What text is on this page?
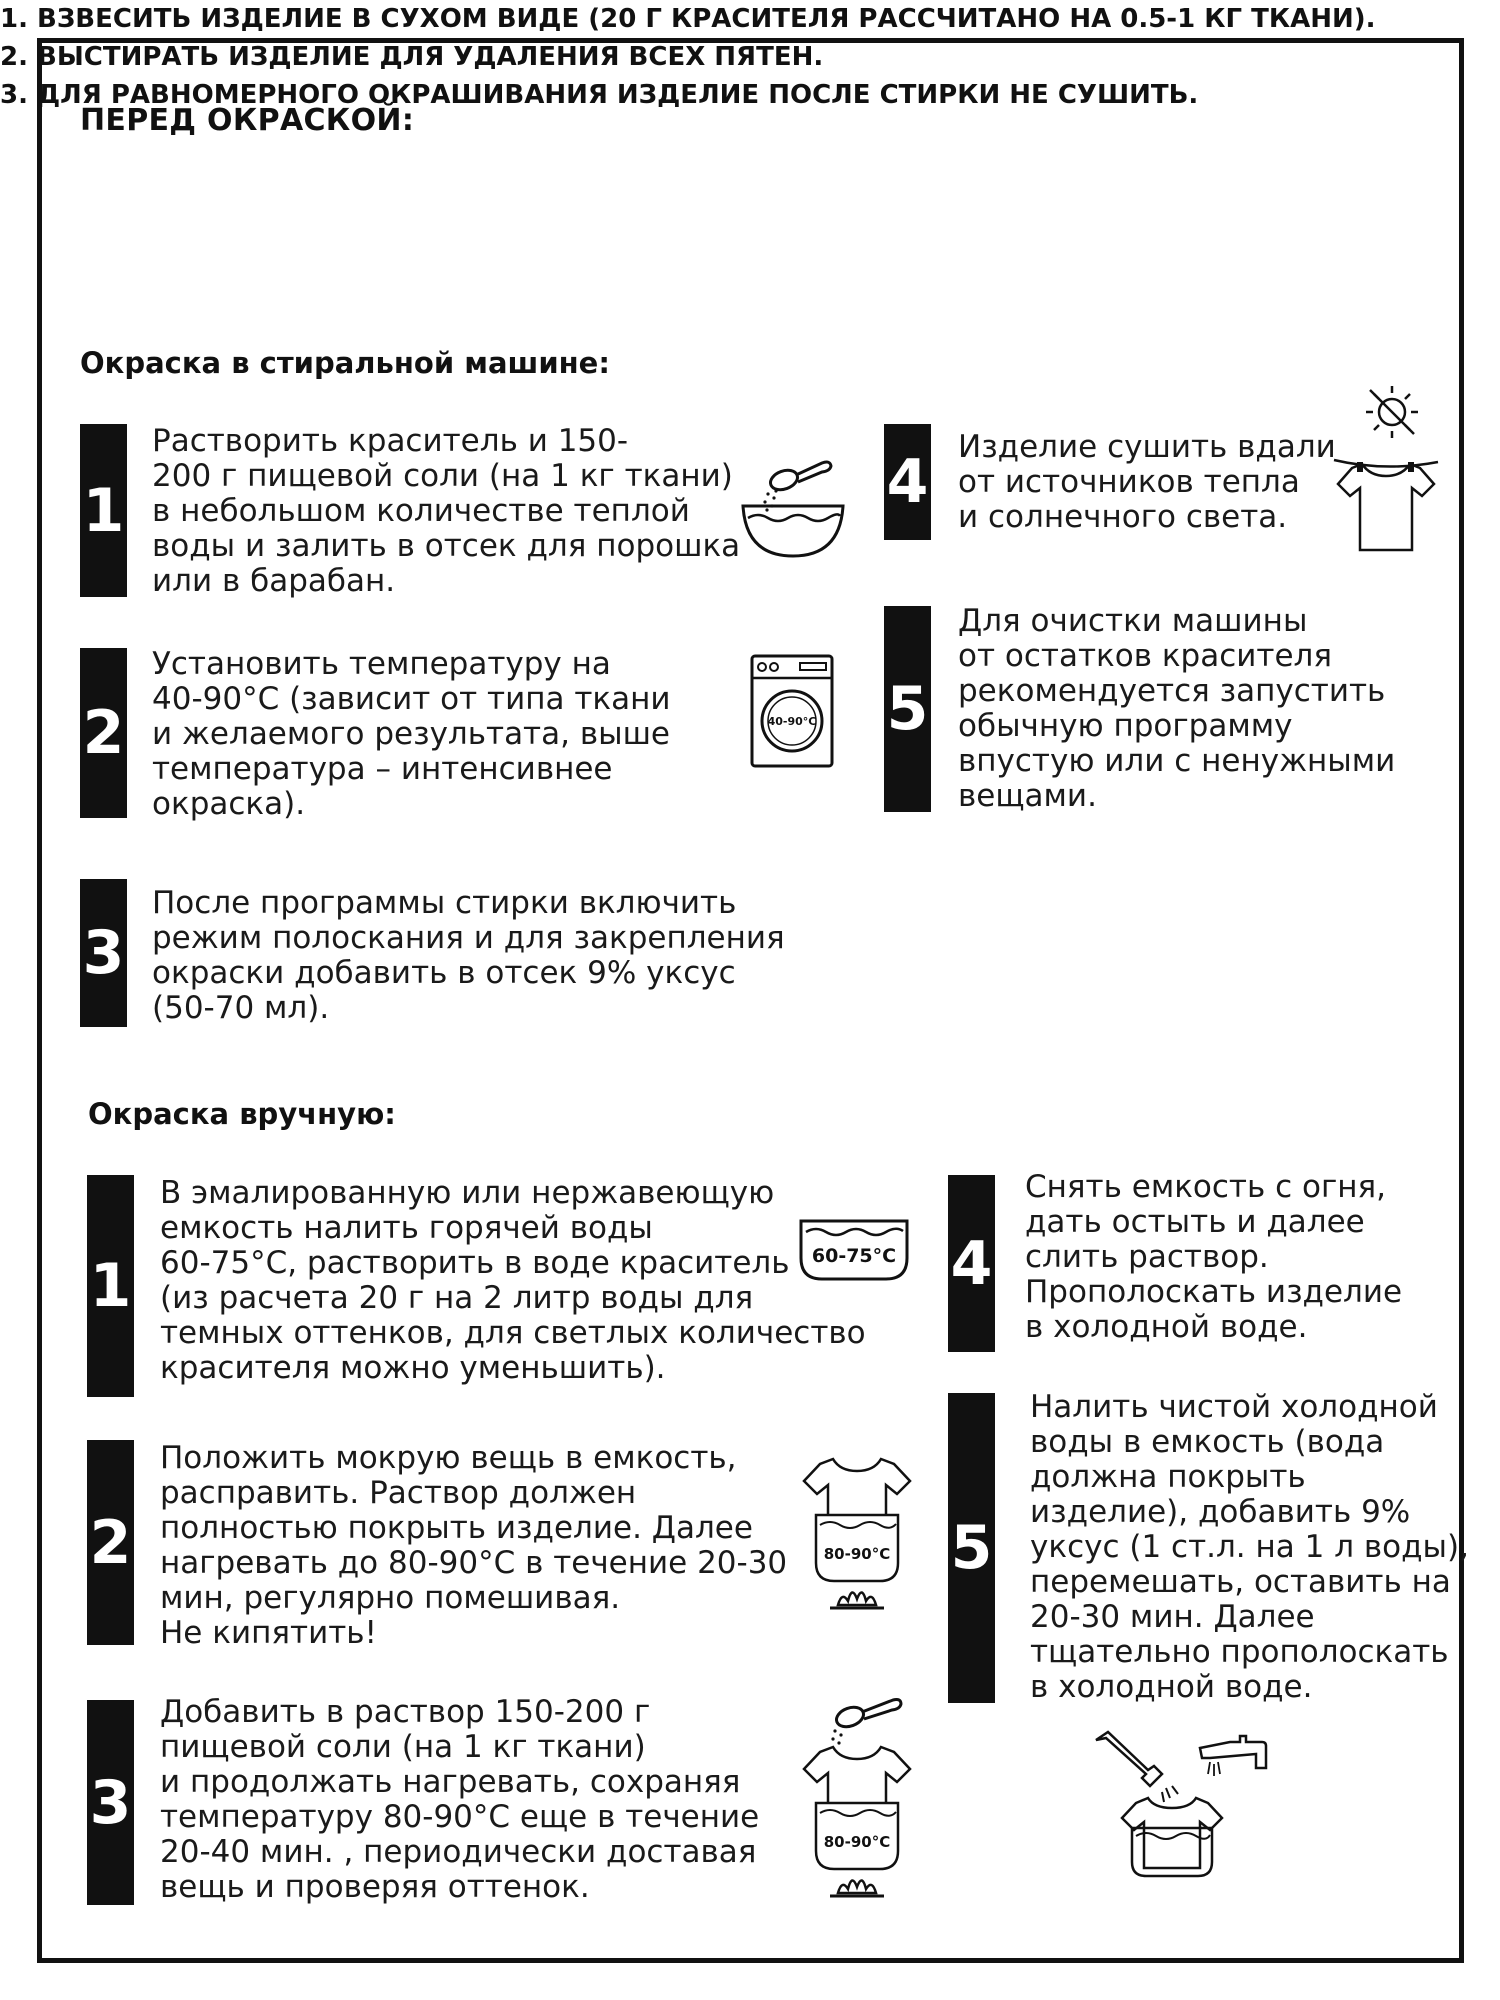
ПЕРЕД ОКРАСКОЙ:
1. ВЗВЕСИТЬ ИЗДЕЛИЕ В СУХОМ ВИДЕ (20 Г КРАСИТЕЛЯ РАССЧИТАНО НА 0.5-1 КГ ТКАНИ).
2. ВЫСТИРАТЬ ИЗДЕЛИЕ ДЛЯ УДАЛЕНИЯ ВСЕХ ПЯТЕН.
3. ДЛЯ РАВНОМЕРНОГО ОКРАШИВАНИЯ ИЗДЕЛИЕ ПОСЛЕ СТИРКИ НЕ СУШИТЬ.
Окраска в стиральной машине:
1
Растворить краситель и 150-
200 г пищевой соли (на 1 кг ткани)
в небольшом количестве теплой
воды и залить в отсек для порошка
или в барабан.
2
Установить температуру на
40-90°С (зависит от типа ткани
и желаемого результата, выше
температура – интенсивнее
окраска).
40-90°С
3
После программы стирки включить
режим полоскания и для закрепления
окраски добавить в отсек 9% уксус
(50-70 мл).
4 Изделие сушить вдали
от источников тепла
и солнечного света.
5
Для очистки машины
от остатков красителя
рекомендуется запустить
обычную программу
впустую или с ненужными
вещами.
Окраска вручную:
1
В эмалированную или нержавеющую
емкость налить горячей воды
60-75°С, растворить в воде краситель
(из расчета 20 г на 2 литр воды для
темных оттенков, для светлых количество
красителя можно уменьшить).
60-75°С
2
Положить мокрую вещь в емкость,
расправить. Раствор должен
полностью покрыть изделие. Далее
нагревать до 80-90°С в течение 20-30
мин, регулярно помешивая.
Не кипятить!
80-90°С
3
Добавить в раствор 150-200 г
пищевой соли (на 1 кг ткани)
и продолжать нагревать, сохраняя
температуру 80-90°С еще в течение
20-40 мин. , периодически доставая
вещь и проверяя оттенок.
80-90°С
4
Снять емкость с огня,
дать остыть и далее
слить раствор.
Прополоскать изделие
в холодной воде.
5
Налить чистой холодной
воды в емкость (вода
должна покрыть
изделие), добавить 9%
уксус (1 ст.л. на 1 л воды),
перемешать, оставить на
20-30 мин. Далее
тщательно прополоскать
в холодной воде.
